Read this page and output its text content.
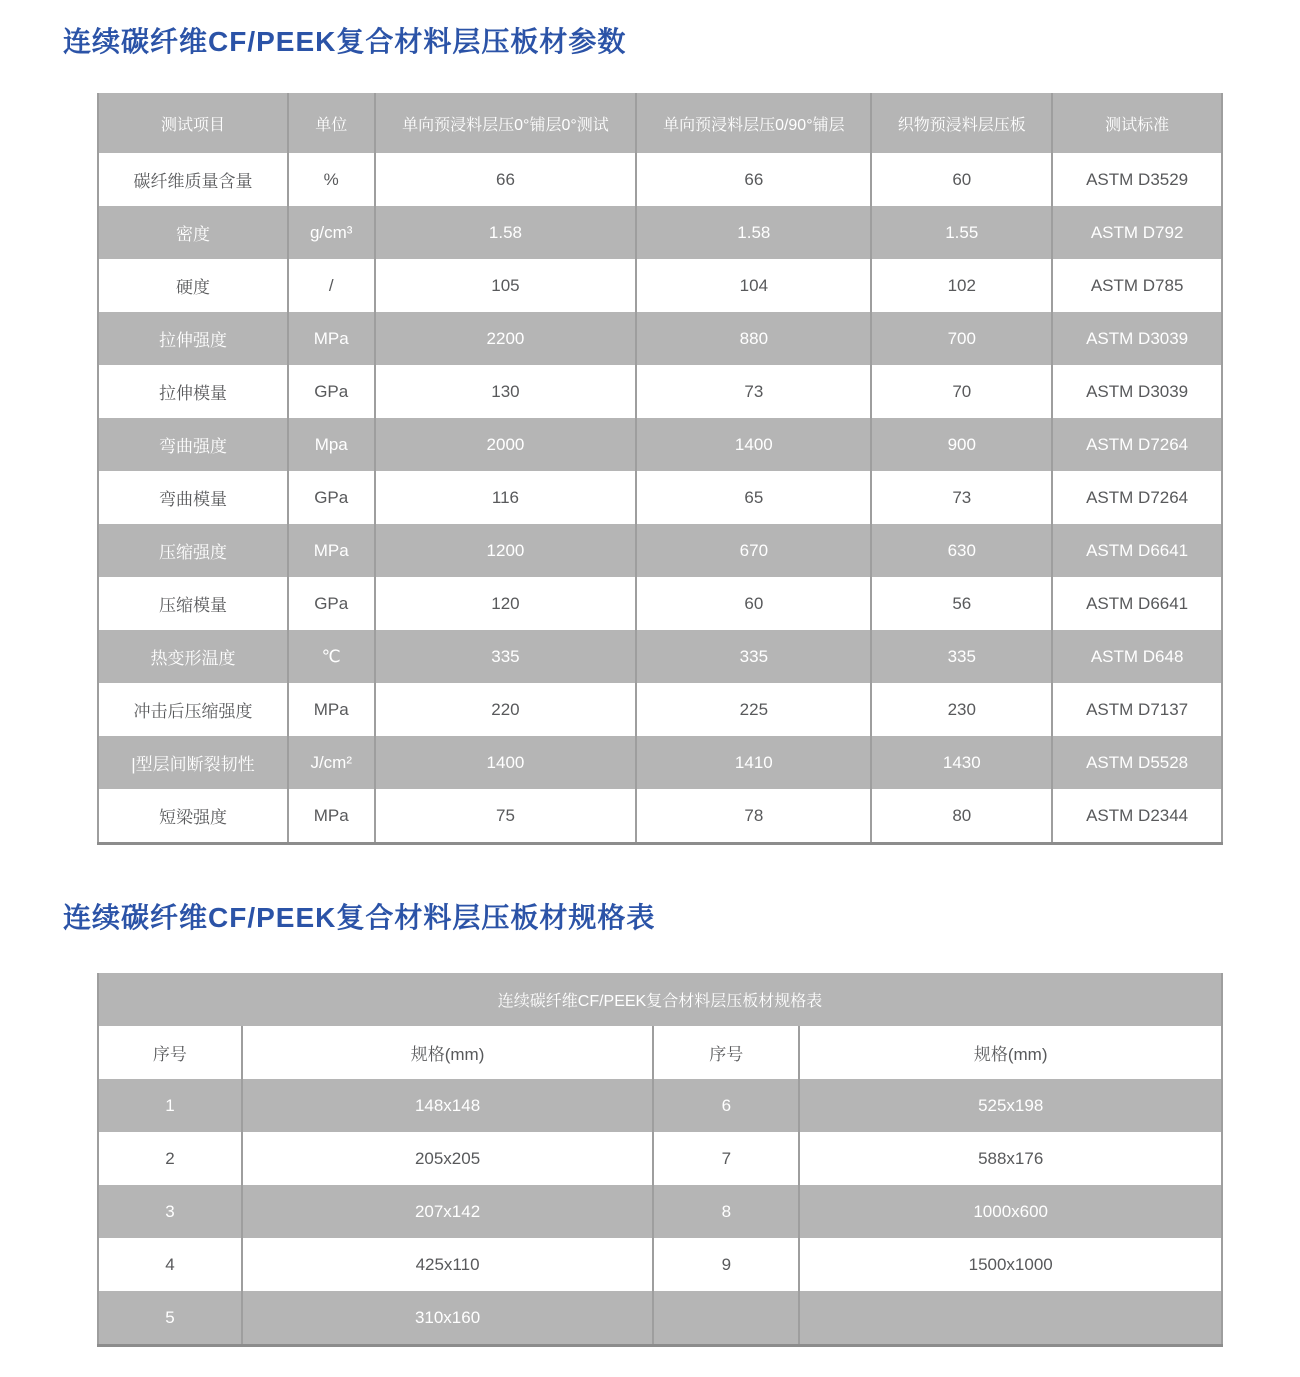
连续碳纤维CF/PEEK复合材料层压板材参数
测试项目	单位	单向预浸料层压0°铺层0°测试	单向预浸料层压0/90°铺层	织物预浸料层压板	测试标准
碳纤维质量含量	%	66	66	60	ASTM D3529
密度	g/cm³	1.58	1.58	1.55	ASTM D792
硬度	/	105	104	102	ASTM D785
拉伸强度	MPa	2200	880	700	ASTM D3039
拉伸模量	GPa	130	73	70	ASTM D3039
弯曲强度	Mpa	2000	1400	900	ASTM D7264
弯曲模量	GPa	116	65	73	ASTM D7264
压缩强度	MPa	1200	670	630	ASTM D6641
压缩模量	GPa	120	60	56	ASTM D6641
热变形温度	℃	335	335	335	ASTM D648
冲击后压缩强度	MPa	220	225	230	ASTM D7137
|型层间断裂韧性	J/cm²	1400	1410	1430	ASTM D5528
短梁强度	MPa	75	78	80	ASTM D2344
连续碳纤维CF/PEEK复合材料层压板材规格表
连续碳纤维CF/PEEK复合材料层压板材规格表			
序号	规格(mm)	序号	规格(mm)
1	148x148	6	525x198
2	205x205	7	588x176
3	207x142	8	1000x600
4	425x110	9	1500x1000
5	310x160		
